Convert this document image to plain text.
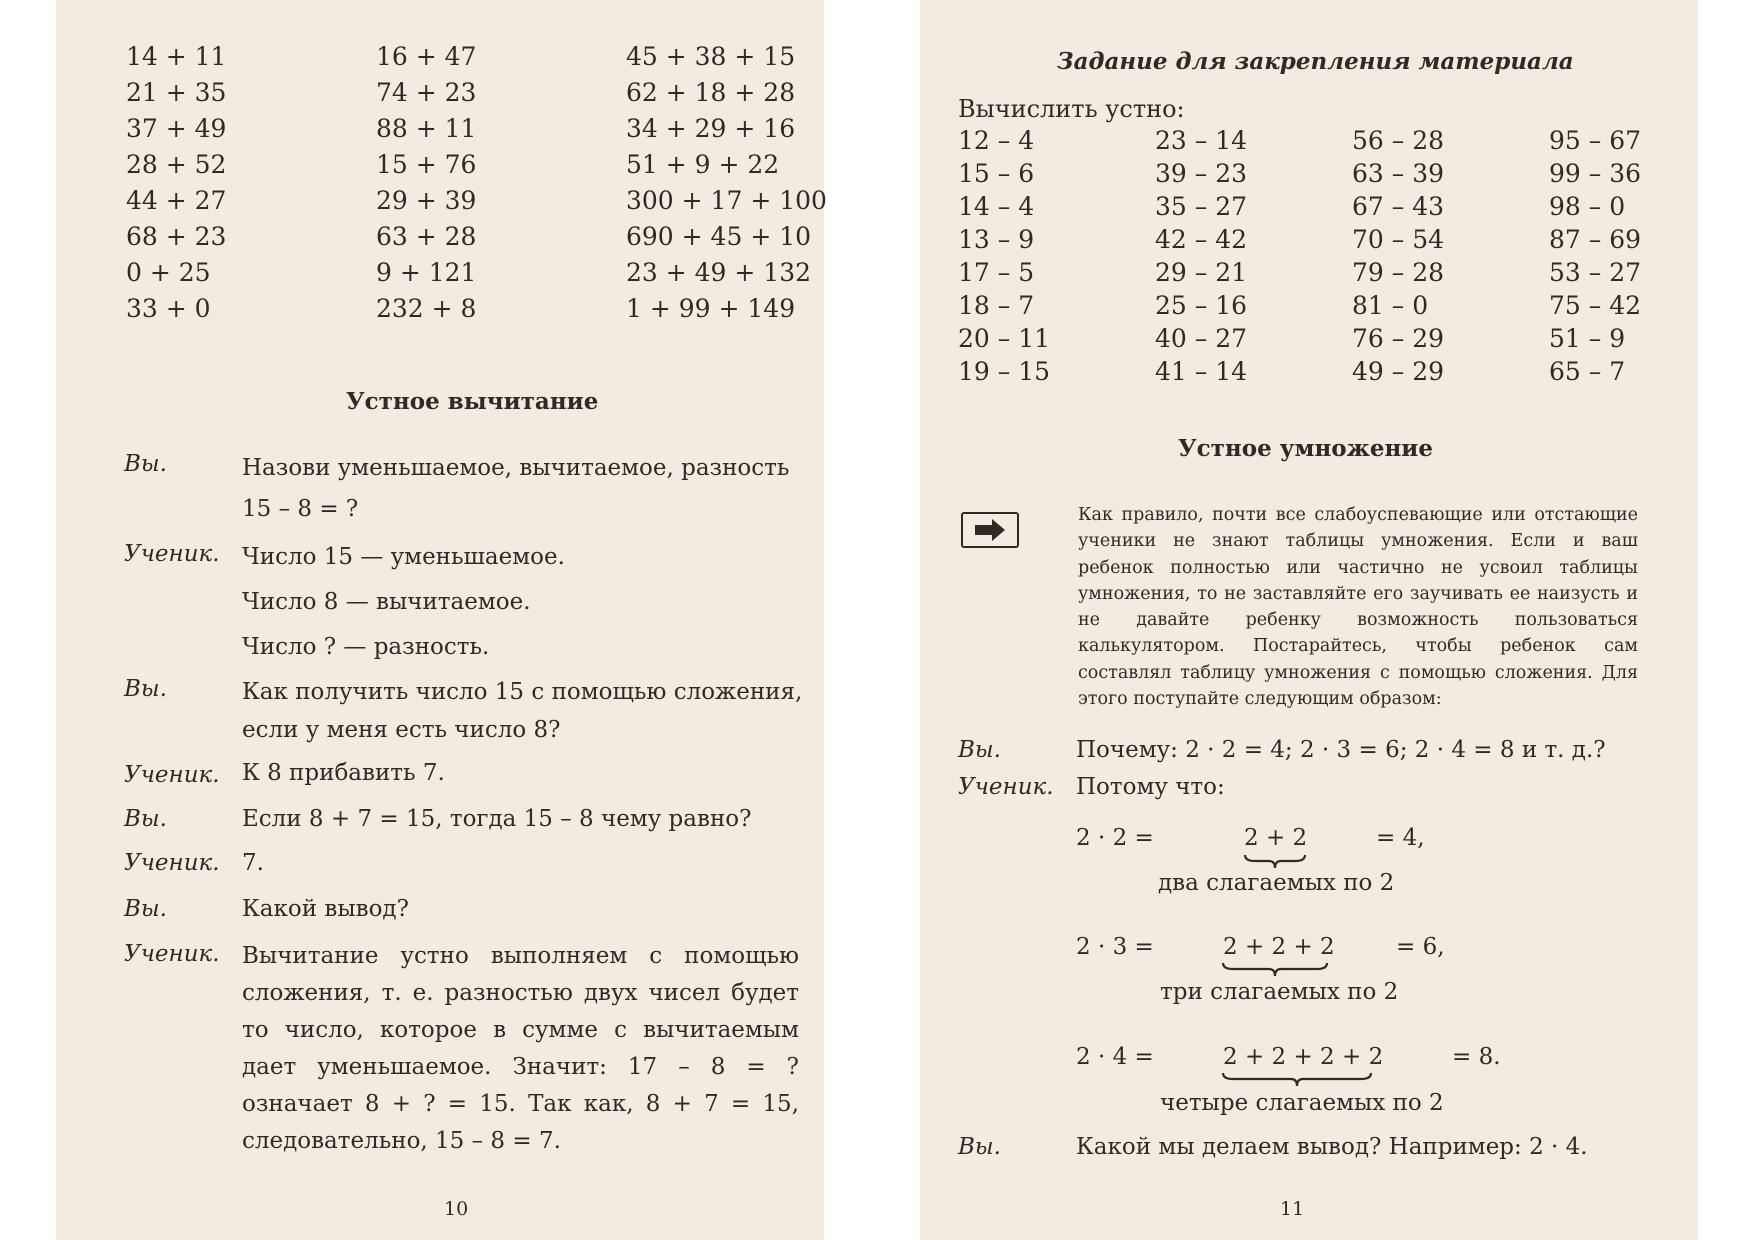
14 + 11	16 + 47	45 + 38 + 15
21 + 35	74 + 23	62 + 18 + 28
37 + 49	88 + 11	34 + 29 + 16
28 + 52	15 + 76	51 + 9 + 22
44 + 27	29 + 39	300 + 17 + 100
68 + 23	63 + 28	690 + 45 + 10
0 + 25	9 + 121	23 + 49 + 132
33 + 0	232 + 8	1 + 99 + 149
Устное вычитание
Вы.	Назови уменьшаемое, вычитаемое, разность
15 – 8 = ?
Ученик. Число 15 — уменьшаемое.
Число 8 — вычитаемое.
Число ? — разность.
Вы.	Как получить число 15 с помощью сложения,
если у меня есть число 8?
Ученик. К 8 прибавить 7.
Вы.	Если 8 + 7 = 15, тогда 15 – 8 чему равно?
Ученик. 7.
Вы.	Какой вывод?
Ученик. Вычитание устно выполняем с помощью сложения, т. е. разностью двух чисел будет то число, которое в сумме с вычитаемым дает уменьшаемое. Значит: 17 – 8 = ? означает 8 + ? = 15. Так как, 8 + 7 = 15, следовательно, 15 – 8 = 7.
10
Задание для закрепления материала
Вычислить устно:
12 – 4	23 – 14	56 – 28	95 – 67
15 – 6	39 – 23	63 – 39	99 – 36
14 – 4	35 – 27	67 – 43	98 – 0
13 – 9	42 – 42	70 – 54	87 – 69
17 – 5	29 – 21	79 – 28	53 – 27
18 – 7	25 – 16	81 – 0	75 – 42
20 – 11	40 – 27	76 – 29	51 – 9
19 – 15	41 – 14	49 – 29	65 – 7
Устное умножение
Как правило, почти все слабоуспевающие или отстающие ученики не знают таблицы умножения. Если и ваш ребенок полностью или частично не усвоил таблицы умножения, то не заставляйте его заучивать ее наизусть и не давайте ребенку возможность пользоваться калькулятором. Постарайтесь, чтобы ребенок сам составлял таблицу умножения с помощью сложения. Для этого поступайте следующим образом:
Вы.	Почему: 2 · 2 = 4; 2 · 3 = 6; 2 · 4 = 8 и т. д.?
Ученик. Потому что:
2 · 2 =	2 + 2	= 4,
два слагаемых по 2
2 · 3 =	2 + 2 + 2	= 6,
три слагаемых по 2
2 · 4 =	2 + 2 + 2 + 2	= 8.
четыре слагаемых по 2
Вы.	Какой мы делаем вывод? Например: 2 · 4.
11
